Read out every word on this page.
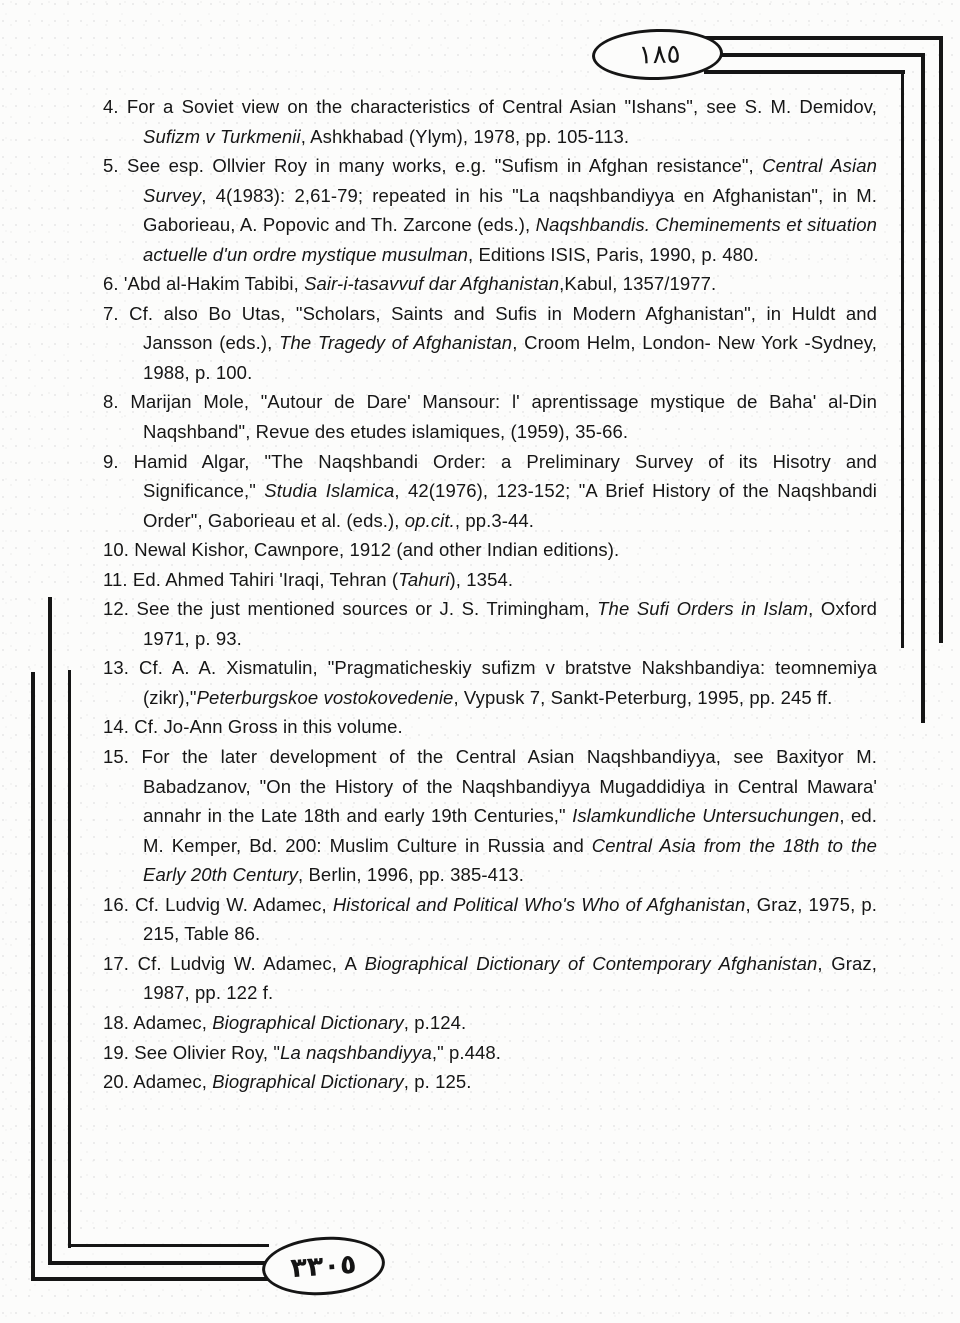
١٨٥
٣٣٠٥
4. For a Soviet view on the characteristics of Central Asian "Ishans", see S. M. Demidov, Sufizm v Turkmenii, Ashkhabad (Ylym), 1978, pp. 105-113.
5. See esp. Ollvier Roy in many works, e.g. "Sufism in Afghan resistance", Central Asian Survey, 4(1983): 2,61-79; repeated in his "La naqshbandiyya en Afghanistan", in M. Gaborieau, A. Popovic and Th. Zarcone (eds.), Naqshbandis. Cheminements et situation actuelle d'un ordre mystique musulman, Editions ISIS, Paris, 1990, p. 480.
6. 'Abd al-Hakim Tabibi, Sair-i-tasavvuf dar Afghanistan,Kabul, 1357/1977.
7. Cf. also Bo Utas, "Scholars, Saints and Sufis in Modern Afghanistan", in Huldt and Jansson (eds.), The Tragedy of Afghanistan, Croom Helm, London- New York -Sydney, 1988, p. 100.
8. Marijan Mole, "Autour de Dare' Mansour: l' aprentissage mystique de Baha' al-Din Naqshband", Revue des etudes islamiques, (1959), 35-66.
9. Hamid Algar, "The Naqshbandi Order: a Preliminary Survey of its Hisotry and Significance," Studia Islamica, 42(1976), 123-152; "A Brief History of the Naqshbandi Order", Gaborieau et al. (eds.), op.cit., pp.3-44.
10. Newal Kishor, Cawnpore, 1912 (and other Indian editions).
11. Ed. Ahmed Tahiri 'Iraqi, Tehran (Tahuri), 1354.
12. See the just mentioned sources or J. S. Trimingham, The Sufi Orders in Islam, Oxford 1971, p. 93.
13. Cf. A. A. Xismatulin, "Pragmaticheskiy sufizm v bratstve Nakshbandiya: teomnemiya (zikr),"Peterburgskoe vostokovedenie, Vypusk 7, Sankt-Peterburg, 1995, pp. 245 ff.
14. Cf. Jo-Ann Gross in this volume.
15. For the later development of the Central Asian Naqshbandiyya, see Baxityor M. Babadzanov, "On the History of the Naqshbandiyya Mugaddidiya in Central Mawara' annahr in the Late 18th and early 19th Centuries," Islamkundliche Untersuchungen, ed. M. Kemper, Bd. 200: Muslim Culture in Russia and Central Asia from the 18th to the Early 20th Century, Berlin, 1996, pp. 385-413.
16. Cf. Ludvig W. Adamec, Historical and Political Who's Who of Afghanistan, Graz, 1975, p. 215, Table 86.
17. Cf. Ludvig W. Adamec, A Biographical Dictionary of Contemporary Afghanistan, Graz, 1987, pp. 122 f.
18. Adamec, Biographical Dictionary, p.124.
19. See Olivier Roy, "La naqshbandiyya," p.448.
20. Adamec, Biographical Dictionary, p. 125.
